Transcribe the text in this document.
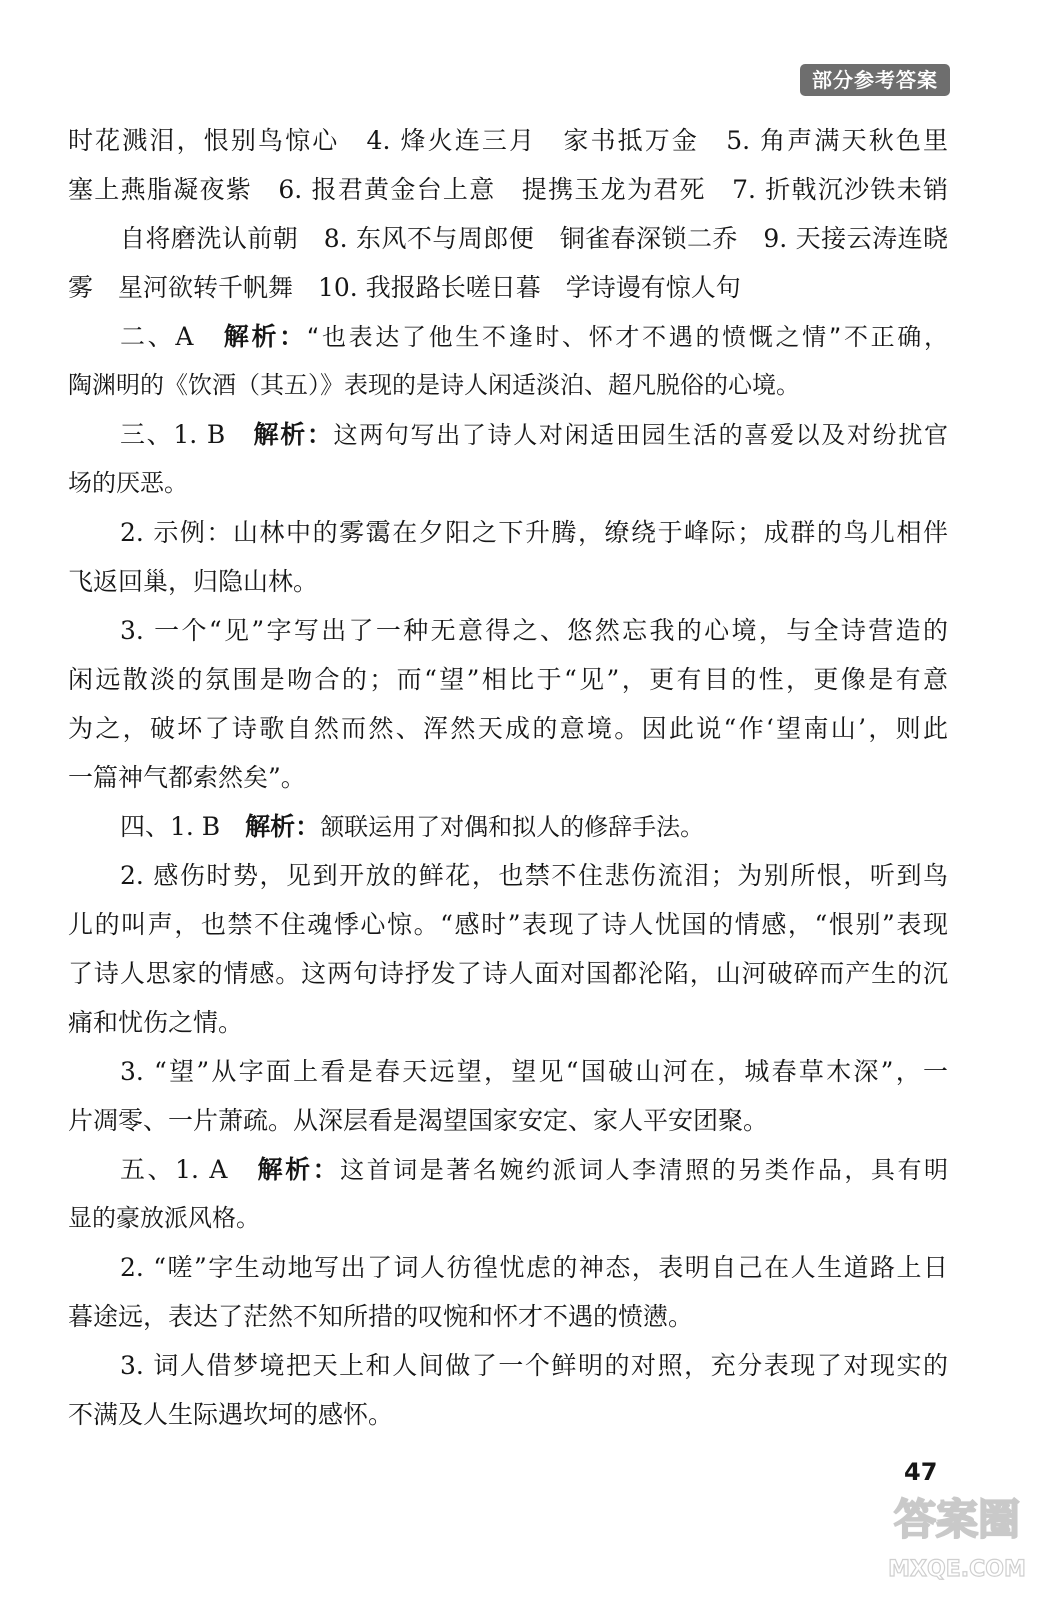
部分参考答案
时花溅泪，恨别鸟惊心　4. 烽火连三月　家书抵万金　5. 角声满天秋色里
塞上燕脂凝夜紫　6. 报君黄金台上意　提携玉龙为君死　7. 折戟沉沙铁未销
自将磨洗认前朝　8. 东风不与周郎便　铜雀春深锁二乔　9. 天接云涛连晓
雾　星河欲转千帆舞　10. 我报路长嗟日暮　学诗谩有惊人句
二、A　解析：“也表达了他生不逢时、怀才不遇的愤慨之情”不正确，
陶渊明的《饮酒（其五）》表现的是诗人闲适淡泊、超凡脱俗的心境。
三、1. B　解析：这两句写出了诗人对闲适田园生活的喜爱以及对纷扰官
场的厌恶。
2. 示例：山林中的雾霭在夕阳之下升腾，缭绕于峰际；成群的鸟儿相伴
飞返回巢，归隐山林。
3. 一个“见”字写出了一种无意得之、悠然忘我的心境，与全诗营造的
闲远散淡的氛围是吻合的；而“望”相比于“见”，更有目的性，更像是有意
为之，破坏了诗歌自然而然、浑然天成的意境。因此说“作‘望南山’，则此
一篇神气都索然矣”。
四、1. B　解析：颔联运用了对偶和拟人的修辞手法。
2. 感伤时势，见到开放的鲜花，也禁不住悲伤流泪；为别所恨，听到鸟
儿的叫声，也禁不住魂悸心惊。“感时”表现了诗人忧国的情感，“恨别”表现
了诗人思家的情感。这两句诗抒发了诗人面对国都沦陷，山河破碎而产生的沉
痛和忧伤之情。
3. “望”从字面上看是春天远望，望见“国破山河在，城春草木深”，一
片凋零、一片萧疏。从深层看是渴望国家安定、家人平安团聚。
五、1. A　解析：这首词是著名婉约派词人李清照的另类作品，具有明
显的豪放派风格。
2. “嗟”字生动地写出了词人彷徨忧虑的神态，表明自己在人生道路上日
暮途远，表达了茫然不知所措的叹惋和怀才不遇的愤懑。
3. 词人借梦境把天上和人间做了一个鲜明的对照，充分表现了对现实的
不满及人生际遇坎坷的感怀。
47
答案圈
MXQE.COM
